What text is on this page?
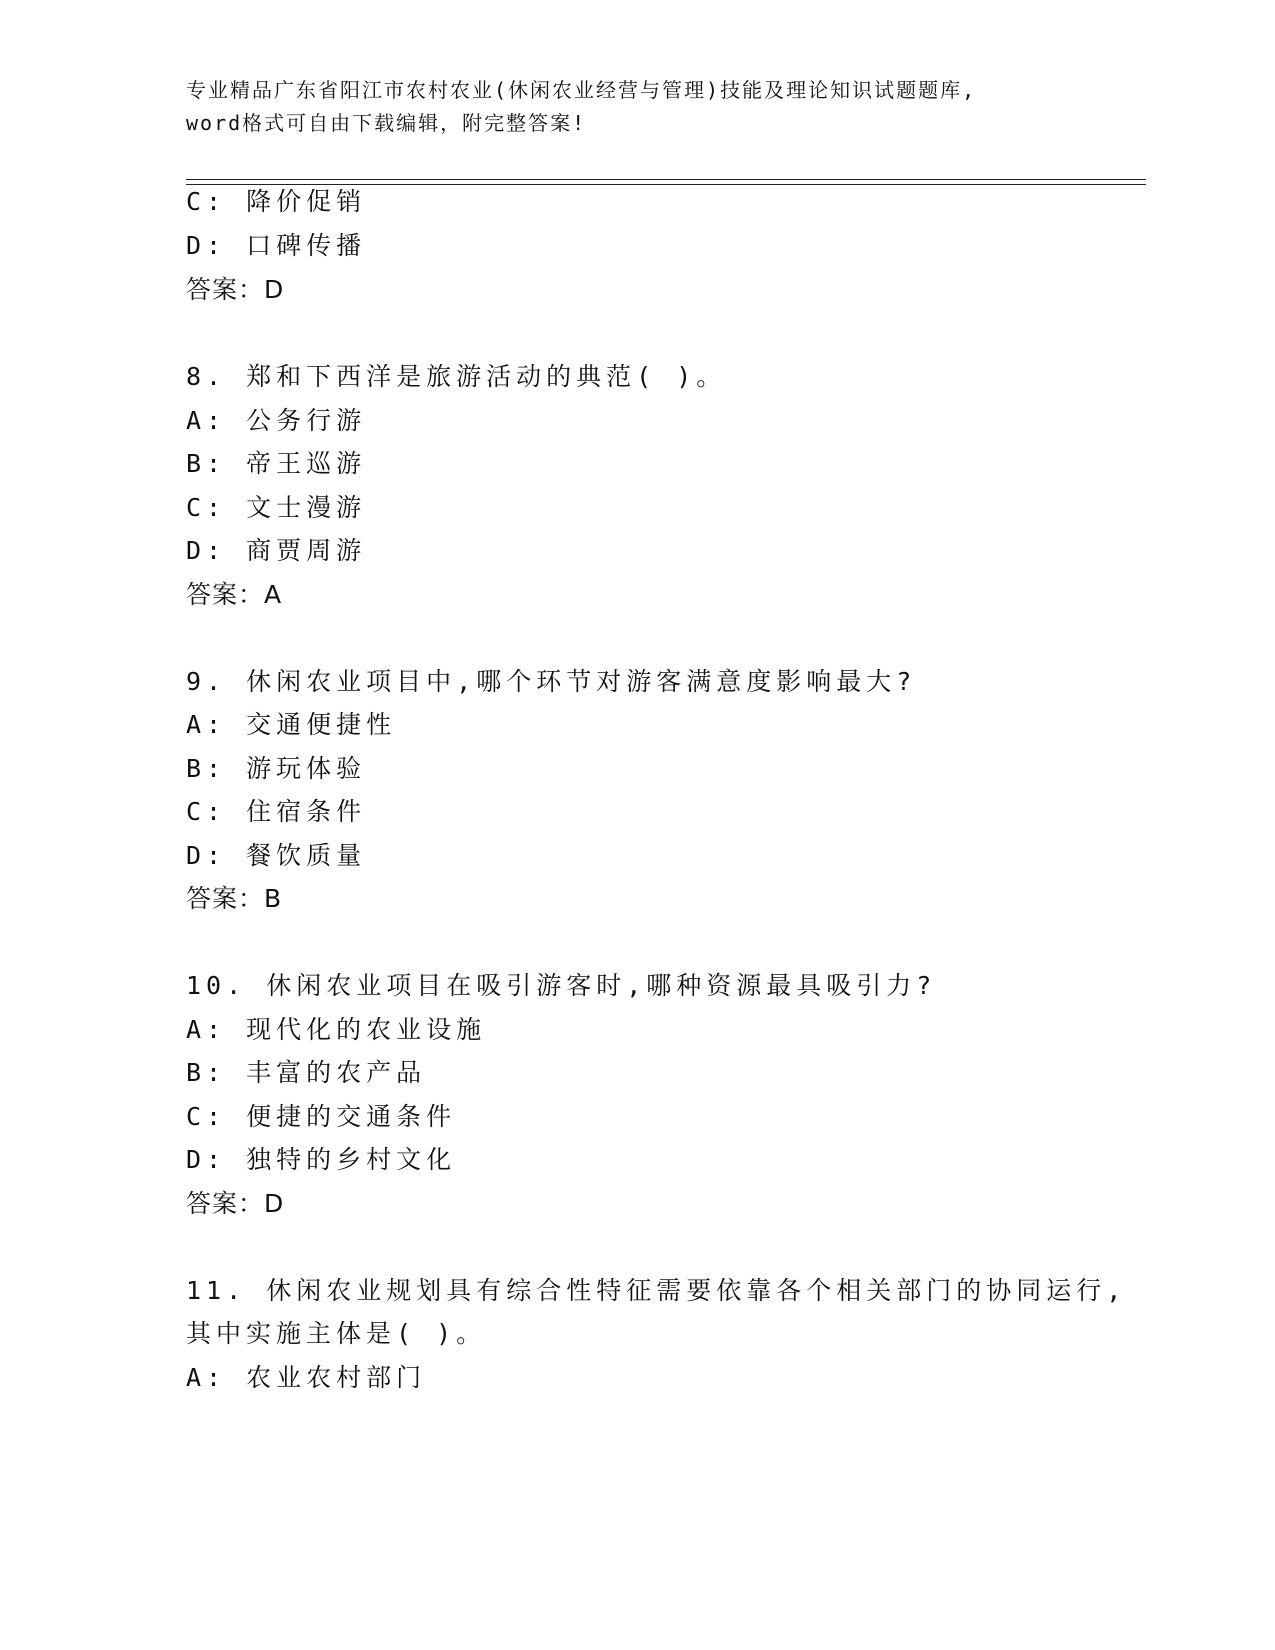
专业精品广东省阳江市农村农业(休闲农业经营与管理)技能及理论知识试题题库,
word格式可自由下载编辑，附完整答案!
C: 降价促销
D: 口碑传播
答案：D
8. 郑和下西洋是旅游活动的典范( )。
A: 公务行游
B: 帝王巡游
C: 文士漫游
D: 商贾周游
答案：A
9. 休闲农业项目中,哪个环节对游客满意度影响最大?
A: 交通便捷性
B: 游玩体验
C: 住宿条件
D: 餐饮质量
答案：B
10. 休闲农业项目在吸引游客时,哪种资源最具吸引力?
A: 现代化的农业设施
B: 丰富的农产品
C: 便捷的交通条件
D: 独特的乡村文化
答案：D
11. 休闲农业规划具有综合性特征需要依靠各个相关部门的协同运行,
其中实施主体是( )。
A: 农业农村部门
